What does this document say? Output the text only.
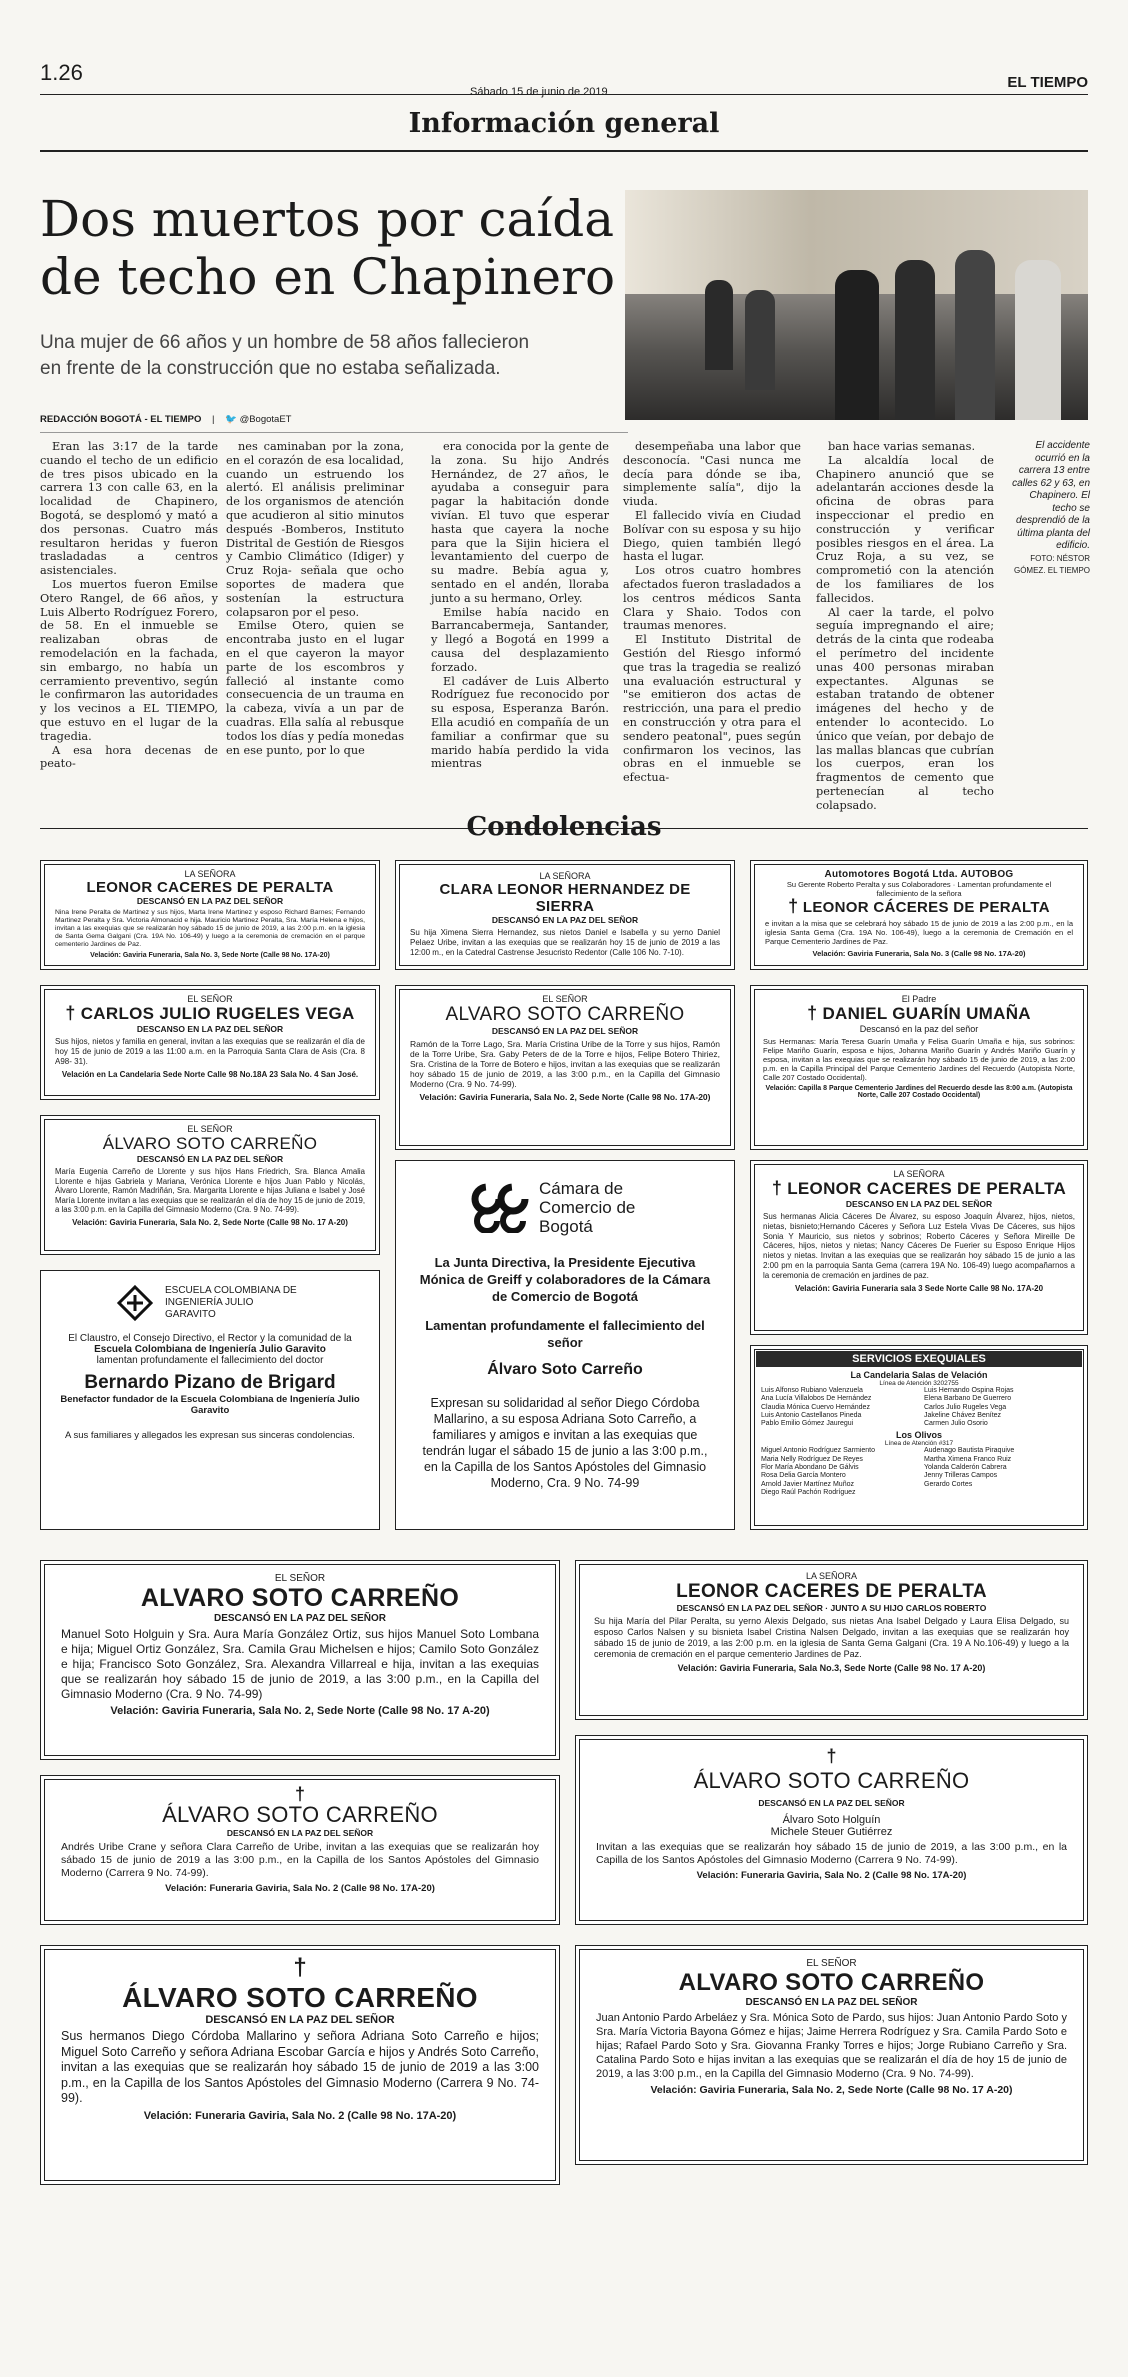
1.26
Sábado 15 de junio de 2019
EL TIEMPO
Información general
Dos muertos por caída
de techo en Chapinero
Una mujer de 66 años y un hombre de 58 años fallecieron
en frente de la construcción que no estaba señalizada.
REDACCIÓN BOGOTÁ - EL TIEMPO | 🐦 @BogotaET

Eran las 3:17 de la tarde cuando el techo de un edificio de tres pisos ubicado en la carrera 13 con calle 63, en la localidad de Chapinero, Bogotá, se desplomó y mató a dos personas. Cuatro más resultaron heridas y fueron trasladadas a centros asistenciales.

Los muertos fueron Emilse Otero Rangel, de 66 años, y Luis Alberto Rodríguez Forero, de 58. En el inmueble se realizaban obras de remodelación en la fachada, sin embargo, no había un cerramiento preventivo, según le confirmaron las autoridades y los vecinos a EL TIEMPO, que estuvo en el lugar de la tragedia.

A esa hora decenas de peato-

nes caminaban por la zona, en el corazón de esa localidad, cuando un estruendo los alertó. El análisis preliminar de los organismos de atención que acudieron al sitio minutos después -Bomberos, Instituto Distrital de Gestión de Riesgos y Cambio Climático (Idiger) y Cruz Roja- señala que ocho soportes de madera que sostenían la estructura colapsaron por el peso.

Emilse Otero, quien se encontraba justo en el lugar en el que cayeron la mayor parte de los escombros y falleció al instante como consecuencia de un trauma en la cabeza, vivía a un par de cuadras. Ella salía al rebusque todos los días y pedía monedas en ese punto, por lo que

era conocida por la gente de la zona. Su hijo Andrés Hernández, de 27 años, le ayudaba a conseguir para pagar la habitación donde vivían. El tuvo que esperar hasta que cayera la noche para que la Sijin hiciera el levantamiento del cuerpo de su madre. Bebía agua y, sentado en el andén, lloraba junto a su hermano, Orley.

Emilse había nacido en Barrancabermeja, Santander, y llegó a Bogotá en 1999 a causa del desplazamiento forzado.

El cadáver de Luis Alberto Rodríguez fue reconocido por su esposa, Esperanza Barón. Ella acudió en compañía de un familiar a confirmar que su marido había perdido la vida mientras

desempeñaba una labor que desconocía. "Casi nunca me decía para dónde se iba, simplemente salía", dijo la viuda.

El fallecido vivía en Ciudad Bolívar con su esposa y su hijo Diego, quien también llegó hasta el lugar.

Los otros cuatro hombres afectados fueron trasladados a los centros médicos Santa Clara y Shaio. Todos con traumas menores.

El Instituto Distrital de Gestión del Riesgo informó que tras la tragedia se realizó una evaluación estructural y "se emitieron dos actas de restricción, una para el predio en construcción y otra para el sendero peatonal", pues según confirmaron los vecinos, las obras en el inmueble se efectua-

ban hace varias semanas.

La alcaldía local de Chapinero anunció que se adelantarán acciones desde la oficina de obras para inspeccionar el predio en construcción y verificar posibles riesgos en el área. La Cruz Roja, a su vez, se comprometió con la atención de los familiares de los fallecidos.

Al caer la tarde, el polvo seguía impregnando el aire; detrás de la cinta que rodeaba el perímetro del incidente unas 400 personas miraban expectantes. Algunas se estaban tratando de obtener imágenes del hecho y de entender lo acontecido. Lo único que veían, por debajo de las mallas blancas que cubrían los cuerpos, eran los fragmentos de cemento que pertenecían al techo colapsado.

El accidente ocurrió en la carrera 13 entre calles 62 y 63, en Chapinero. El techo se desprendió de la última planta del edificio.
FOTO: NÉSTOR GÓMEZ. EL TIEMPO
Condolencias
LA SEÑORA
LEONOR CACERES DE PERALTA
DESCANSÓ EN LA PAZ DEL SEÑOR
Nina Irene Peralta de Martinez y sus hijos, Marta Irene Martinez y esposo Richard Barnes; Fernando Martinez Peralta y Sra. Victoria Almonacid e hija. Mauricio Martinez Peralta, Sra. María Helena e hijos, invitan a las exequias que se realizarán hoy sábado 15 de junio de 2019, a las 2:00 p.m. en la iglesia de Santa Gema Galgani (Cra. 19A No. 106-49) y luego a la ceremonia de cremación en el parque cementerio Jardines de Paz.
Velación: Gaviria Funeraria, Sala No. 3, Sede Norte (Calle 98 No. 17A-20)
LA SEÑORA
CLARA LEONOR HERNANDEZ DE SIERRA
DESCANSÓ EN LA PAZ DEL SEÑOR
Su hija Ximena Sierra Hernandez, sus nietos Daniel e Isabella y su yerno Daniel Pelaez Uribe, invitan a las exequias que se realizarán hoy 15 de junio de 2019 a las 12:00 m., en la Catedral Castrense Jesucristo Redentor (Calle 106 No. 7-10).
Automotores Bogotá Ltda. AUTOBOG
Su Gerente Roberto Peralta y sus Colaboradores · Lamentan profundamente el fallecimiento de la señora
† LEONOR CÁCERES DE PERALTA
e invitan a la misa que se celebrará hoy sábado 15 de junio de 2019 a las 2:00 p.m., en la iglesia Santa Gema (Cra. 19A No. 106-49), luego a la ceremonia de Cremación en el Parque Cementerio Jardines de Paz.
Velación: Gaviria Funeraria, Sala No. 3 (Calle 98 No. 17A-20)
EL SEÑOR
† CARLOS JULIO RUGELES VEGA
DESCANSO EN LA PAZ DEL SEÑOR
Sus hijos, nietos y familia en general, invitan a las exequias que se realizarán el día de hoy 15 de junio de 2019 a las 11:00 a.m. en la Parroquia Santa Clara de Asis (Cra. 8 A98- 31).
Velación en La Candelaria Sede Norte Calle 98 No.18A 23 Sala No. 4 San José.
EL SEÑOR
ALVARO SOTO CARREÑO
DESCANSÓ EN LA PAZ DEL SEÑOR
Ramón de la Torre Lago, Sra. María Cristina Uribe de la Torre y sus hijos, Ramón de la Torre Uribe, Sra. Gaby Peters de de la Torre e hijos, Felipe Botero Thiriez, Sra. Cristina de la Torre de Botero e hijos, invitan a las exequias que se realizarán hoy sábado 15 de junio de 2019, a las 3:00 p.m., en la Capilla del Gimnasio Moderno (Cra. 9 No. 74-99).
Velación: Gaviria Funeraria, Sala No. 2, Sede Norte (Calle 98 No. 17A-20)
El Padre
† DANIEL GUARÍN UMAÑA
Descansó en la paz del señor
Sus Hermanas: María Teresa Guarín Umaña y Felisa Guarín Umaña e hija, sus sobrinos: Felipe Mariño Guarín, esposa e hijos, Johanna Mariño Guarín y Andrés Mariño Guarín y esposa, invitan a las exequias que se realizarán hoy sábado 15 de junio de 2019, a las 2:00 p.m. en la Capilla Principal del Parque Cementerio Jardines del Recuerdo (Autopista Norte, Calle 207 Costado Occidental).
Velación: Capilla 8 Parque Cementerio Jardines del Recuerdo desde las 8:00 a.m. (Autopista Norte, Calle 207 Costado Occidental)
EL SEÑOR
ÁLVARO SOTO CARREÑO
DESCANSÓ EN LA PAZ DEL SEÑOR
María Eugenia Carreño de Llorente y sus hijos Hans Friedrich, Sra. Blanca Amalia Llorente e hijas Gabriela y Mariana, Verónica Llorente e hijos Juan Pablo y Nicolás, Álvaro Llorente, Ramón Madriñán, Sra. Margarita Llorente e hijas Juliana e Isabel y José María Llorente invitan a las exequias que se realizarán el día de hoy 15 de junio de 2019, a las 3:00 p.m. en la Capilla del Gimnasio Moderno (Cra. 9 No. 74-99).
Velación: Gaviria Funeraria, Sala No. 2, Sede Norte (Calle 98 No. 17 A-20)
Cámara de Comercio de Bogotá
La Junta Directiva, la Presidente Ejecutiva Mónica de Greiff y colaboradores de la Cámara de Comercio de Bogotá
Lamentan profundamente el fallecimiento del señor
Álvaro Soto Carreño
Expresan su solidaridad al señor Diego Córdoba Mallarino, a su esposa Adriana Soto Carreño, a familiares y amigos e invitan a las exequias que tendrán lugar el sábado 15 de junio a las 3:00 p.m., en la Capilla de los Santos Apóstoles del Gimnasio Moderno, Cra. 9 No. 74-99
LA SEÑORA
† LEONOR CACERES DE PERALTA
DESCANSO EN LA PAZ DEL SEÑOR
Sus hermanas Alicia Cáceres De Álvarez, su esposo Joaquín Álvarez, hijos, nietos, nietas, bisnieto;Hernando Cáceres y Señora Luz Estela Vivas De Cáceres, sus hijos Sonia Y Mauricio, sus nietos y sobrinos; Roberto Cáceres y Señora Mireille De Cáceres, hijos, nietos y nietas; Nancy Cáceres De Fuerier su Esposo Enrique Hijos nietos y nietas. Invitan a las exequias que se realizarán hoy sábado 15 de junio a las 2:00 pm en la parroquia Santa Gema (carrera 19A No. 106-49) luego acompañarnos a la ceremonia de cremación en jardines de paz.
Velación: Gaviria Funeraria sala 3 Sede Norte Calle 98 No. 17A-20
ESCUELA COLOMBIANA DE INGENIERÍA JULIO GARAVITO
El Claustro, el Consejo Directivo, el Rector y la comunidad de la
Escuela Colombiana de Ingeniería Julio Garavito
lamentan profundamente el fallecimiento del doctor
Bernardo Pizano de Brigard
Benefactor fundador de la Escuela Colombiana de Ingeniería Julio Garavito
A sus familiares y allegados les expresan sus sinceras condolencias.
SERVICIOS EXEQUIALES
La Candelaria Salas de Velación
Línea de Atención 3202755
Luis Alfonso Rubiano Valenzuela
Ana Lucía Villalobos De Hernández
Claudia Mónica Cuervo Hernández
Luis Antonio Castellanos Pineda
Pablo Emilio Gómez Jauregui
Luis Hernando Ospina Rojas
Elena Barbano De Guerrero
Carlos Julio Rugeles Vega
Jakeline Chávez Benítez
Carmen Julio Osorio
Los Olivos
Línea de Atención #317
Miguel Antonio Rodríguez Sarmiento
Maria Nelly Rodríguez De Reyes
Flor María Abondano De Gálvis
Rosa Delia García Montero
Arnold Javier Martínez Muñoz
Diego Raúl Pachón Rodríguez
Audenago Bautista Piraquive
Martha Ximena Franco Ruiz
Yolanda Calderón Cabrera
Jenny Trilleras Campos
Gerardo Cortes
EL SEÑOR
ALVARO SOTO CARREÑO
DESCANSÓ EN LA PAZ DEL SEÑOR
Manuel Soto Holguin y Sra. Aura María González Ortiz, sus hijos Manuel Soto Lombana e hija; Miguel Ortiz González, Sra. Camila Grau Michelsen e hijos; Camilo Soto González e hija; Francisco Soto González, Sra. Alexandra Villarreal e hija, invitan a las exequias que se realizarán hoy sábado 15 de junio de 2019, a las 3:00 p.m., en la Capilla del Gimnasio Moderno (Cra. 9 No. 74-99)
Velación: Gaviria Funeraria, Sala No. 2, Sede Norte (Calle 98 No. 17 A-20)
LA SEÑORA
LEONOR CACERES DE PERALTA
DESCANSÓ EN LA PAZ DEL SEÑOR · JUNTO A SU HIJO CARLOS ROBERTO
Su hija María del Pilar Peralta, su yerno Alexis Delgado, sus nietas Ana Isabel Delgado y Laura Elisa Delgado, su esposo Carlos Nalsen y su bisnieta Isabel Cristina Nalsen Delgado, invitan a las exequias que se realizarán hoy sábado 15 de junio de 2019, a las 2:00 p.m. en la iglesia de Santa Gema Galgani (Cra. 19 A No.106-49) y luego a la ceremonia de cremación en el parque cementerio Jardines de Paz.
Velación: Gaviria Funeraria, Sala No.3, Sede Norte (Calle 98 No. 17 A-20)
†
ÁLVARO SOTO CARREÑO
DESCANSÓ EN LA PAZ DEL SEÑOR
Andrés Uribe Crane y señora Clara Carreño de Uribe, invitan a las exequias que se realizarán hoy sábado 15 de junio de 2019 a las 3:00 p.m., en la Capilla de los Santos Apóstoles del Gimnasio Moderno (Carrera 9 No. 74-99).
Velación: Funeraria Gaviria, Sala No. 2 (Calle 98 No. 17A-20)
†
ÁLVARO SOTO CARREÑO
DESCANSÓ EN LA PAZ DEL SEÑOR
Álvaro Soto Holguín
Michele Steuer Gutiérrez
Invitan a las exequias que se realizarán hoy sábado 15 de junio de 2019, a las 3:00 p.m., en la Capilla de los Santos Apóstoles del Gimnasio Moderno (Carrera 9 No. 74-99).
Velación: Funeraria Gaviria, Sala No. 2 (Calle 98 No. 17A-20)
†
ÁLVARO SOTO CARREÑO
DESCANSÓ EN LA PAZ DEL SEÑOR
Sus hermanos Diego Córdoba Mallarino y señora Adriana Soto Carreño e hijos; Miguel Soto Carreño y señora Adriana Escobar García e hijos y Andrés Soto Carreño, invitan a las exequias que se realizarán hoy sábado 15 de junio de 2019 a las 3:00 p.m., en la Capilla de los Santos Apóstoles del Gimnasio Moderno (Carrera 9 No. 74-99).
Velación: Funeraria Gaviria, Sala No. 2 (Calle 98 No. 17A-20)
EL SEÑOR
ALVARO SOTO CARREÑO
DESCANSÓ EN LA PAZ DEL SEÑOR
Juan Antonio Pardo Arbeláez y Sra. Mónica Soto de Pardo, sus hijos: Juan Antonio Pardo Soto y Sra. María Victoria Bayona Gómez e hijas; Jaime Herrera Rodríguez y Sra. Camila Pardo Soto e hijas; Rafael Pardo Soto y Sra. Giovanna Franky Torres e hijos; Jorge Rubiano Carreño y Sra. Catalina Pardo Soto e hijas invitan a las exequias que se realizarán el día de hoy 15 de junio de 2019, a las 3:00 p.m., en la Capilla del Gimnasio Moderno (Cra. 9 No. 74-99).
Velación: Gaviria Funeraria, Sala No. 2, Sede Norte (Calle 98 No. 17 A-20)
